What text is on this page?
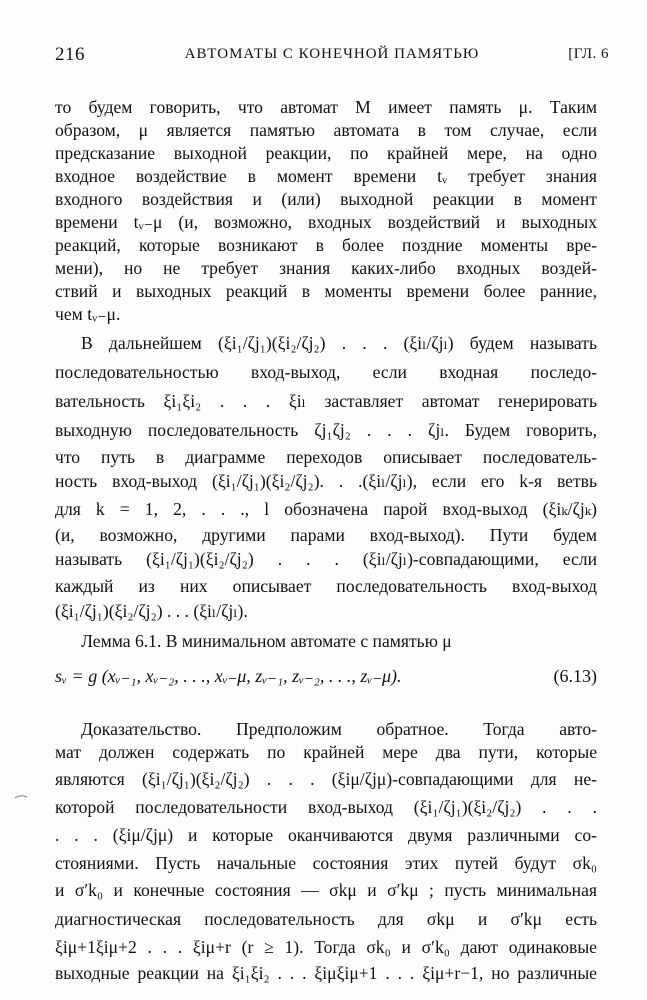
216	АВТОМАТЫ С КОНЕЧНОЙ ПАМЯТЬЮ	[ГЛ. 6
то будем говорить, что автомат M имеет память μ. Таким
образом, μ является памятью автомата в том случае, если
предсказание выходной реакции, по крайней мере, на одно
входное воздействие в момент времени tᵥ требует знания
входного воздействия и (или) выходной реакции в момент
времени tᵥ₋μ (и, возможно, входных воздействий и выходных
реакций, которые возникают в более поздние моменты вре-
мени), но не требует знания каких-либо входных воздей-
ствий и выходных реакций в моменты времени более ранние,
чем tᵥ₋μ.
В дальнейшем (ξi₁/ζj₁)(ξi₂/ζj₂) . . . (ξiₗ/ζjₗ) будем называть
последовательностью вход-выход, если входная последо-
вательность ξi₁ξi₂ . . . ξiₗ заставляет автомат генерировать
выходную последовательность ζj₁ζj₂ . . . ζjₗ. Будем говорить,
что путь в диаграмме переходов описывает последователь-
ность вход-выход (ξi₁/ζj₁)(ξi₂/ζj₂). . .(ξiₗ/ζjₗ), если его k-я ветвь
для k = 1, 2, . . ., l обозначена парой вход-выход (ξiₖ/ζjₖ)
(и, возможно, другими парами вход-выход). Пути будем
называть (ξi₁/ζj₁)(ξi₂/ζj₂) . . . (ξiₗ/ζjₗ)-совпадающими, если
каждый из них описывает последовательность вход-выход
(ξi₁/ζj₁)(ξi₂/ζj₂) . . . (ξiₗ/ζjₗ).
Лемма 6.1. В минимальном автомате с памятью μ
sᵥ = g (xᵥ₋₁, xᵥ₋₂, . . ., xᵥ₋μ, zᵥ₋₁, zᵥ₋₂, . . ., zᵥ₋μ).	(6.13)
Доказательство. Предположим обратное. Тогда авто-
мат должен содержать по крайней мере два пути, которые
являются (ξi₁/ζj₁)(ξi₂/ζj₂) . . . (ξiμ/ζjμ)-совпадающими для не-
которой последовательности вход-выход (ξi₁/ζj₁)(ξi₂/ζj₂) . . .
. . . (ξiμ/ζjμ) и которые оканчиваются двумя различными со-
стояниями. Пусть начальные состояния этих путей будут σk₀
и σ′k₀ и конечные состояния — σkμ и σ′kμ ; пусть минимальная
диагностическая последовательность для σkμ и σ′kμ есть
ξiμ+1ξiμ+2 . . . ξiμ+r (r ≥ 1). Тогда σk₀ и σ′k₀ дают одинаковые
выходные реакции на ξi₁ξi₂ . . . ξiμξiμ+1 . . . ξiμ+r−1, но различные
